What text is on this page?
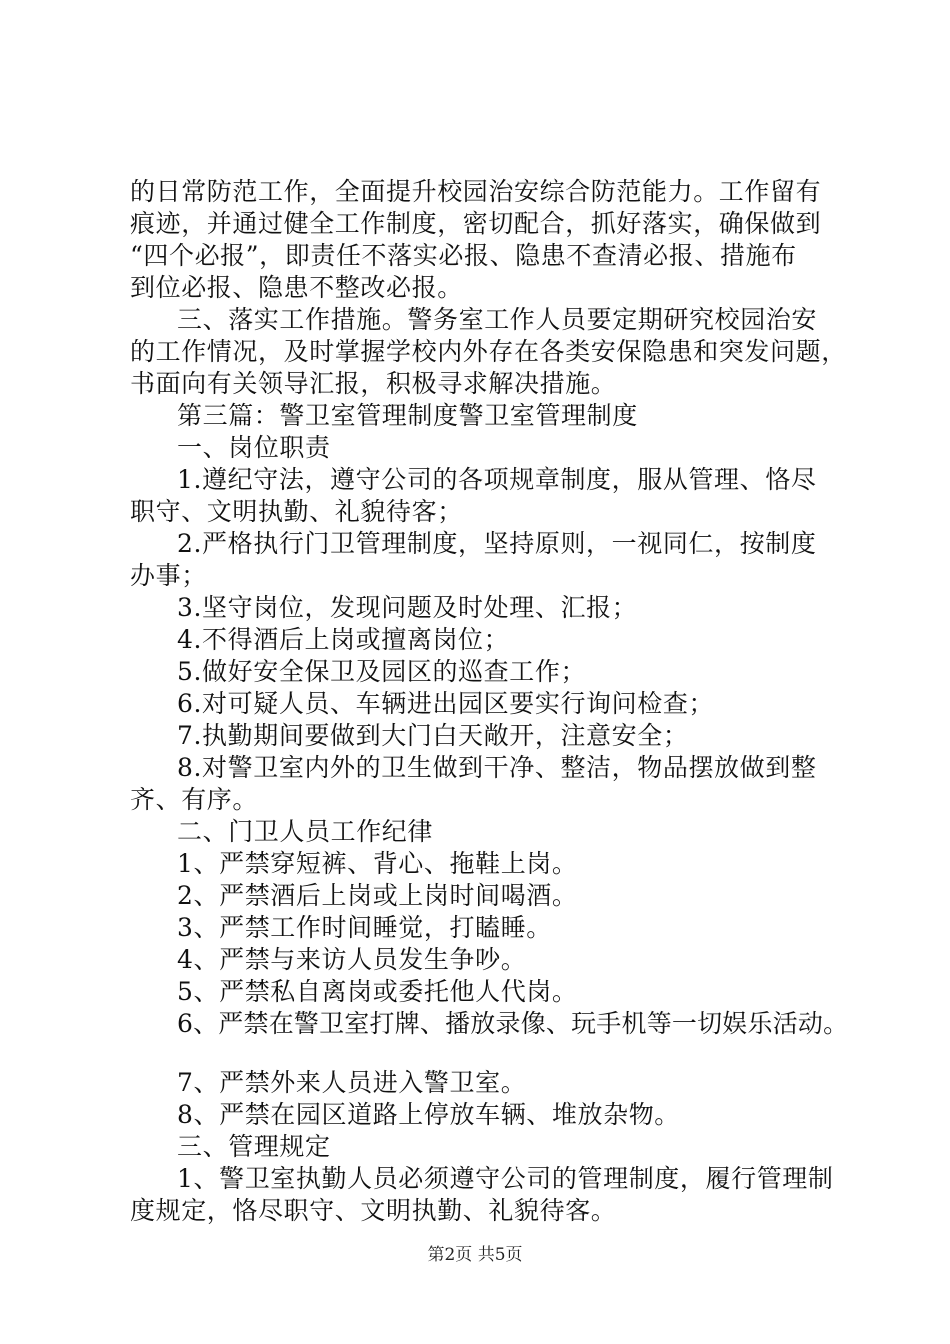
的日常防范工作，全面提升校园治安综合防范能力。工作留有
痕迹，并通过健全工作制度，密切配合，抓好落实，确保做到
“四个必报”，即责任不落实必报、隐患不查清必报、措施布
到位必报、隐患不整改必报。
三、落实工作措施。警务室工作人员要定期研究校园治安
的工作情况，及时掌握学校内外存在各类安保隐患和突发问题，
书面向有关领导汇报，积极寻求解决措施。
第三篇：警卫室管理制度警卫室管理制度
一、岗位职责
1.遵纪守法，遵守公司的各项规章制度，服从管理、恪尽
职守、文明执勤、礼貌待客；
2.严格执行门卫管理制度，坚持原则，一视同仁，按制度
办事；
3.坚守岗位，发现问题及时处理、汇报；
4.不得酒后上岗或擅离岗位；
5.做好安全保卫及园区的巡查工作；
6.对可疑人员、车辆进出园区要实行询问检查；
7.执勤期间要做到大门白天敞开，注意安全；
8.对警卫室内外的卫生做到干净、整洁，物品摆放做到整
齐、有序。
二、门卫人员工作纪律
1、严禁穿短裤、背心、拖鞋上岗。
2、严禁酒后上岗或上岗时间喝酒。
3、严禁工作时间睡觉，打瞌睡。
4、严禁与来访人员发生争吵。
5、严禁私自离岗或委托他人代岗。
6、严禁在警卫室打牌、播放录像、玩手机等一切娱乐活动。
7、严禁外来人员进入警卫室。
8、严禁在园区道路上停放车辆、堆放杂物。
三、管理规定
1、警卫室执勤人员必须遵守公司的管理制度，履行管理制
度规定，恪尽职守、文明执勤、礼貌待客。
第2页 共5页
